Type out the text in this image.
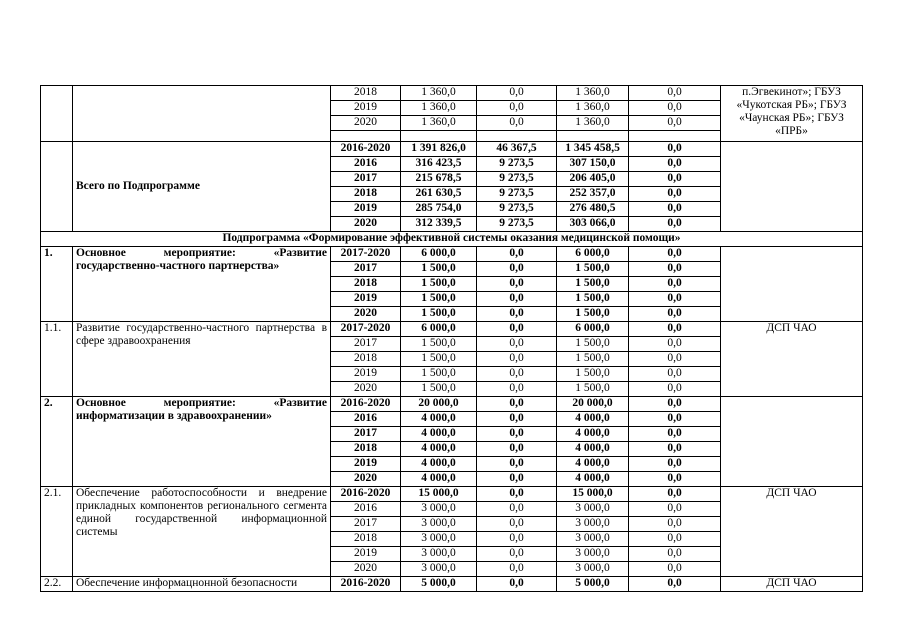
		2018	1 360,0	0,0	1 360,0	0,0	п.Эгвекинот»; ГБУЗ «Чукотская РБ»; ГБУЗ «Чаунская РБ»; ГБУЗ «ПРБ»
		2019	1 360,0	0,0	1 360,0	0,0	
		2020	1 360,0	0,0	1 360,0	0,0	

	Всего по Подпрограмме	2016-2020	1 391 826,0	46 367,5	1 345 458,5	0,0	
		2016	316 423,5	9 273,5	307 150,0	0,0	
		2017	215 678,5	9 273,5	206 405,0	0,0	
		2018	261 630,5	9 273,5	252 357,0	0,0	
		2019	285 754,0	9 273,5	276 480,5	0,0	
		2020	312 339,5	9 273,5	303 066,0	0,0	
Подпрограмма «Формирование эффективной системы оказания медицинской помощи»							
1.	Основное мероприятие: «Развитие государственно-частного партнерства»	2017-2020	6 000,0	0,0	6 000,0	0,0	
		2017	1 500,0	0,0	1 500,0	0,0	
		2018	1 500,0	0,0	1 500,0	0,0	
		2019	1 500,0	0,0	1 500,0	0,0	
		2020	1 500,0	0,0	1 500,0	0,0	
1.1.	Развитие государственно-частного партнерства в сфере здравоохранения	2017-2020	6 000,0	0,0	6 000,0	0,0	ДСП ЧАО
		2017	1 500,0	0,0	1 500,0	0,0	
		2018	1 500,0	0,0	1 500,0	0,0	
		2019	1 500,0	0,0	1 500,0	0,0	
		2020	1 500,0	0,0	1 500,0	0,0	
2.	Основное мероприятие: «Развитие информатизации в здравоохранении»	2016-2020	20 000,0	0,0	20 000,0	0,0	
		2016	4 000,0	0,0	4 000,0	0,0	
		2017	4 000,0	0,0	4 000,0	0,0	
		2018	4 000,0	0,0	4 000,0	0,0	
		2019	4 000,0	0,0	4 000,0	0,0	
		2020	4 000,0	0,0	4 000,0	0,0	
2.1.	Обеспечение работоспособности и внедрение прикладных компонентов регионального сегмента единой государственной информационной системы	2016-2020	15 000,0	0,0	15 000,0	0,0	ДСП ЧАО
		2016	3 000,0	0,0	3 000,0	0,0	
		2017	3 000,0	0,0	3 000,0	0,0	
		2018	3 000,0	0,0	3 000,0	0,0	
		2019	3 000,0	0,0	3 000,0	0,0	
		2020	3 000,0	0,0	3 000,0	0,0	
2.2.	Обеспечение информацнонной безопасности	2016-2020	5 000,0	0,0	5 000,0	0,0	ДСП ЧАО
